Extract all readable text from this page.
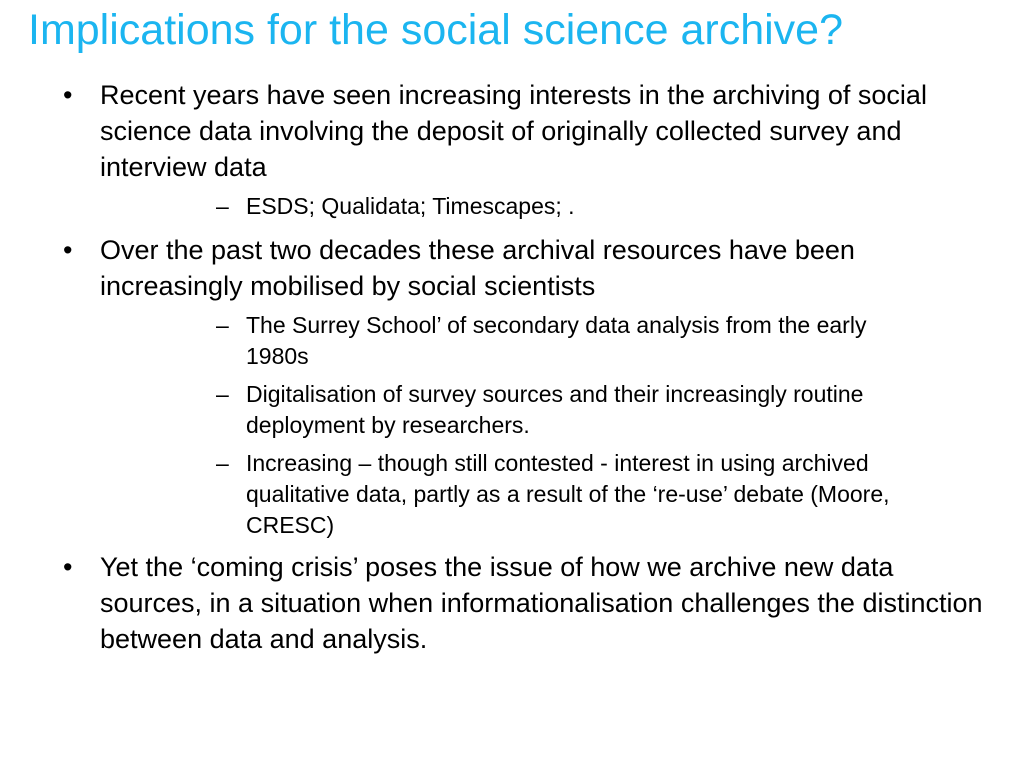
Implications for the social science archive?
•	Recent years have seen increasing interests in the archiving of social science data involving the deposit of originally collected survey and interview data
– ESDS; Qualidata; Timescapes; .
•	Over the past two decades these archival resources have been increasingly mobilised by social scientists
– The Surrey School’ of secondary data analysis from the early 1980s
– Digitalisation of survey sources and their increasingly routine deployment by researchers.
– Increasing – though still contested - interest in using archived qualitative data, partly as a result of the ‘re-use’ debate (Moore, CRESC)
•	Yet the ‘coming crisis’ poses the issue of how we archive new data sources, in a situation when informationalisation challenges the distinction between data and analysis.
